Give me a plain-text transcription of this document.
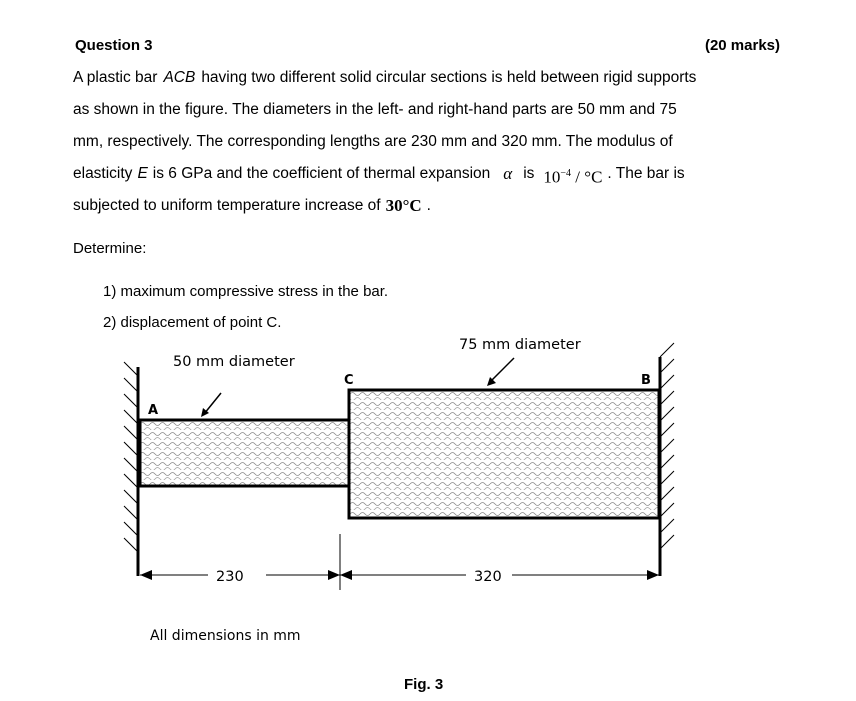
Question 3	(20 marks)
A plastic bar ACB having two different solid circular sections is held between rigid supports
as shown in the figure. The diameters in the left- and right-hand parts are 50 mm and 75
mm, respectively. The corresponding lengths are 230 mm and 320 mm. The modulus of
elasticity E is 6 GPa and the coefficient of thermal expansion α is $10^{-4} / ^\circ C$ . The bar is
subjected to uniform temperature increase of 30°C .
Determine:
1) maximum compressive stress in the bar.
2) displacement of point C.
50 mm diameter
75 mm diameter
A
C	B
230	320
All dimensions in mm
Fig. 3
